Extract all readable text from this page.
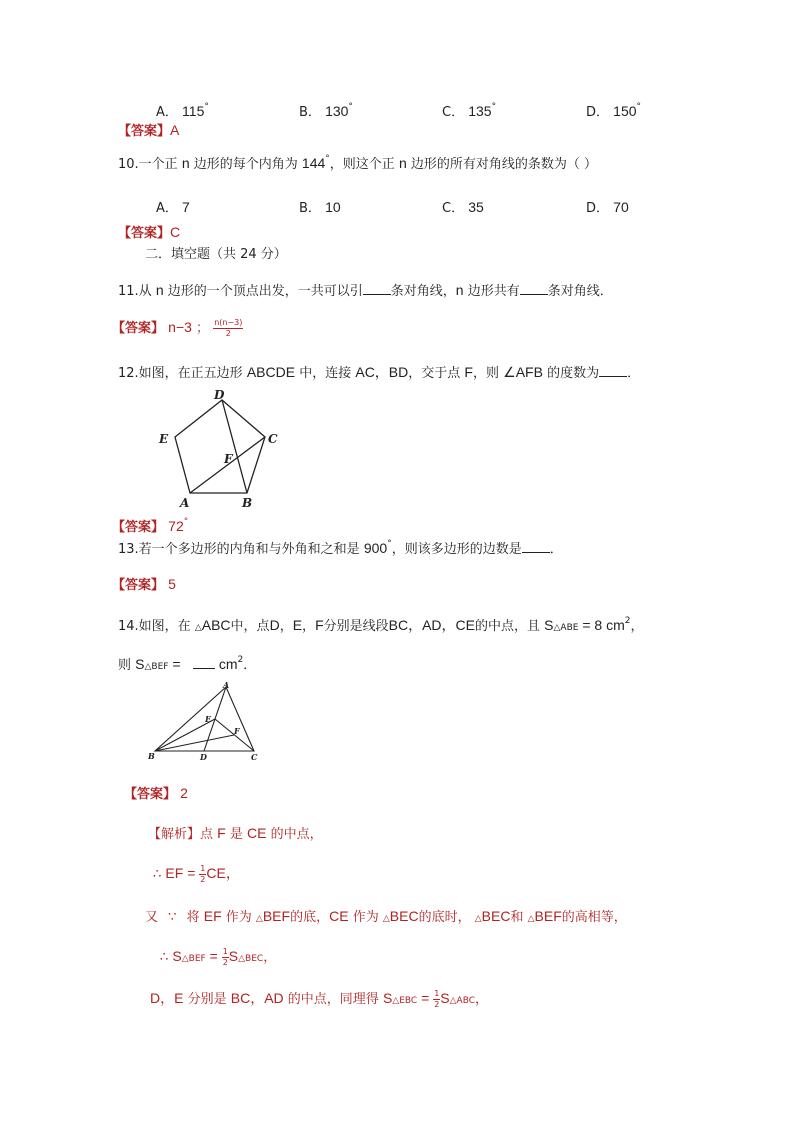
A． 115°	B． 130°	C． 135°	D． 150°
【答案】A
10.一个正 n 边形的每个内角为 144°，则这个正 n 边形的所有对角线的条数为（ ）
A． 7	B． 10	C． 35	D． 70
【答案】C
二．填空题（共 24 分）
11.从 n 边形的一个顶点出发，一共可以引 条对角线，n 边形共有 条对角线．
【答案】 n−3 ； $\frac{n(n-3)}{2}$
12.如图，在正五边形 ABCDE 中，连接 AC，BD，交于点 F，则 ∠AFB 的度数为 ．
D
E	C
F
A	B
【答案】 72°
13.若一个多边形的内角和与外角和之和是 900°，则该多边形的边数是 ．
【答案】 5
14.如图，在 △ABC中，点D，E，F分别是线段BC，AD，CE的中点，且 S△ABE = 8 $cm^2$，
则 S△BEF =	$cm^2$．
A
E
F
B	D	C
【答案】 2
【解析】点 F 是 CE 的中点，
∴ EF = $\frac{1}{2}$ CE，
又 ∵ 将 EF 作为 △BEF的底，CE 作为 △BEC的底时， △BEC和 △BEF的高相等，
∴ S△BEF = $\frac{1}{2}$ S△BEC，
D，E 分别是 BC，AD 的中点，同理得 S△EBC = $\frac{1}{2}$ S△ABC，
